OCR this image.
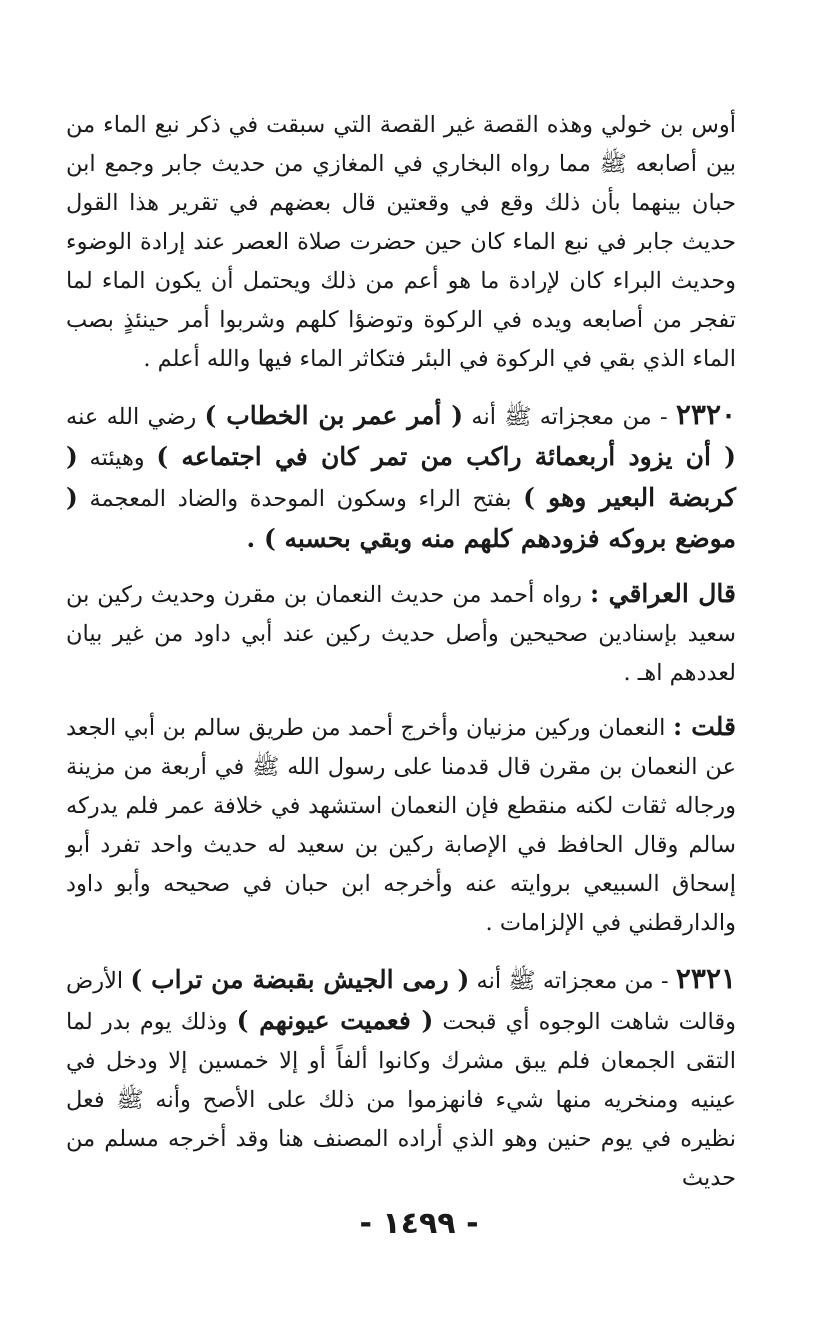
أوس بن خولي وهذه القصة غير القصة التي سبقت في ذكر نبع الماء من بين أصابعه ﷺ مما رواه البخاري في المغازي من حديث جابر وجمع ابن حبان بينهما بأن ذلك وقع في وقعتين قال بعضهم في تقرير هذا القول حديث جابر في نبع الماء كان حين حضرت صلاة العصر عند إرادة الوضوء وحديث البراء كان لإرادة ما هو أعم من ذلك ويحتمل أن يكون الماء لما تفجر من أصابعه ويده في الركوة وتوضؤا كلهم وشربوا أمر حينئذٍ بصب الماء الذي بقي في الركوة في البئر فتكاثر الماء فيها والله أعلم .

٢٣٢٠ - من معجزاته ﷺ أنه ( أمر عمر بن الخطاب ) رضي الله عنه ( أن يزود أربعمائة راكب من تمر كان في اجتماعه ) وهيئته ( كربضة البعير وهو ) بفتح الراء وسكون الموحدة والضاد المعجمة ( موضع بروكه فزودهم كلهم منه وبقي بحسبه ) .

قال العراقي : رواه أحمد من حديث النعمان بن مقرن وحديث ركين بن سعيد بإسنادين صحيحين وأصل حديث ركين عند أبي داود من غير بيان لعددهم اهـ .

قلت : النعمان وركين مزنيان وأخرج أحمد من طريق سالم بن أبي الجعد عن النعمان بن مقرن قال قدمنا على رسول الله ﷺ في أربعة من مزينة ورجاله ثقات لكنه منقطع فإن النعمان استشهد في خلافة عمر فلم يدركه سالم وقال الحافظ في الإصابة ركين بن سعيد له حديث واحد تفرد أبو إسحاق السبيعي بروايته عنه وأخرجه ابن حبان في صحيحه وأبو داود والدارقطني في الإلزامات .

٢٣٢١ - من معجزاته ﷺ أنه ( رمى الجيش بقبضة من تراب ) الأرض وقالت شاهت الوجوه أي قبحت ( فعميت عيونهم ) وذلك يوم بدر لما التقى الجمعان فلم يبق مشرك وكانوا ألفاً أو إلا خمسين إلا ودخل في عينيه ومنخريه منها شيء فانهزموا من ذلك على الأصح وأنه ﷺ فعل نظيره في يوم حنين وهو الذي أراده المصنف هنا وقد أخرجه مسلم من حديث

- ١٤٩٩ -
